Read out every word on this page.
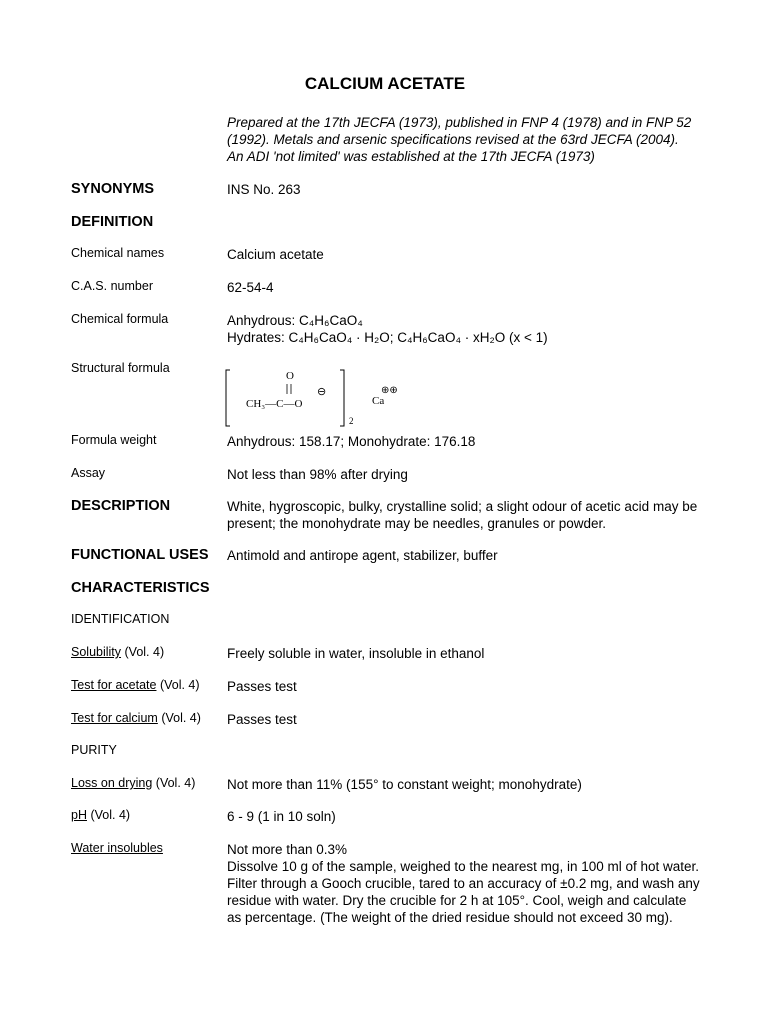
CALCIUM ACETATE
Prepared at the 17th JECFA (1973), published in FNP 4 (1978) and in FNP 52 (1992). Metals and arsenic specifications revised at the 63rd JECFA (2004). An ADI 'not limited' was established at the 17th JECFA (1973)
SYNONYMS	INS No. 263
DEFINITION
Chemical names	Calcium acetate
C.A.S. number	62-54-4
Chemical formula	Anhydrous: C₄H₆CaO₄
Hydrates: C₄H₆CaO₄ · H₂O; C₄H₆CaO₄ · xH₂O (x < 1)
Structural formula
O
CH₃—C—O
⊖
2
Ca
⊕⊕
Formula weight	Anhydrous: 158.17; Monohydrate: 176.18
Assay	Not less than 98% after drying
DESCRIPTION	White, hygroscopic, bulky, crystalline solid; a slight odour of acetic acid may be present; the monohydrate may be needles, granules or powder.
FUNCTIONAL USES Antimold and antirope agent, stabilizer, buffer
CHARACTERISTICS
IDENTIFICATION
Solubility (Vol. 4)	Freely soluble in water, insoluble in ethanol
Test for acetate (Vol. 4) Passes test
Test for calcium (Vol. 4) Passes test
PURITY
Loss on drying (Vol. 4) Not more than 11% (155° to constant weight; monohydrate)
pH (Vol. 4)	6 - 9 (1 in 10 soln)
Water insolubles	Not more than 0.3%
Dissolve 10 g of the sample, weighed to the nearest mg, in 100 ml of hot water. Filter through a Gooch crucible, tared to an accuracy of ±0.2 mg, and wash any residue with water. Dry the crucible for 2 h at 105°. Cool, weigh and calculate as percentage. (The weight of the dried residue should not exceed 30 mg).
